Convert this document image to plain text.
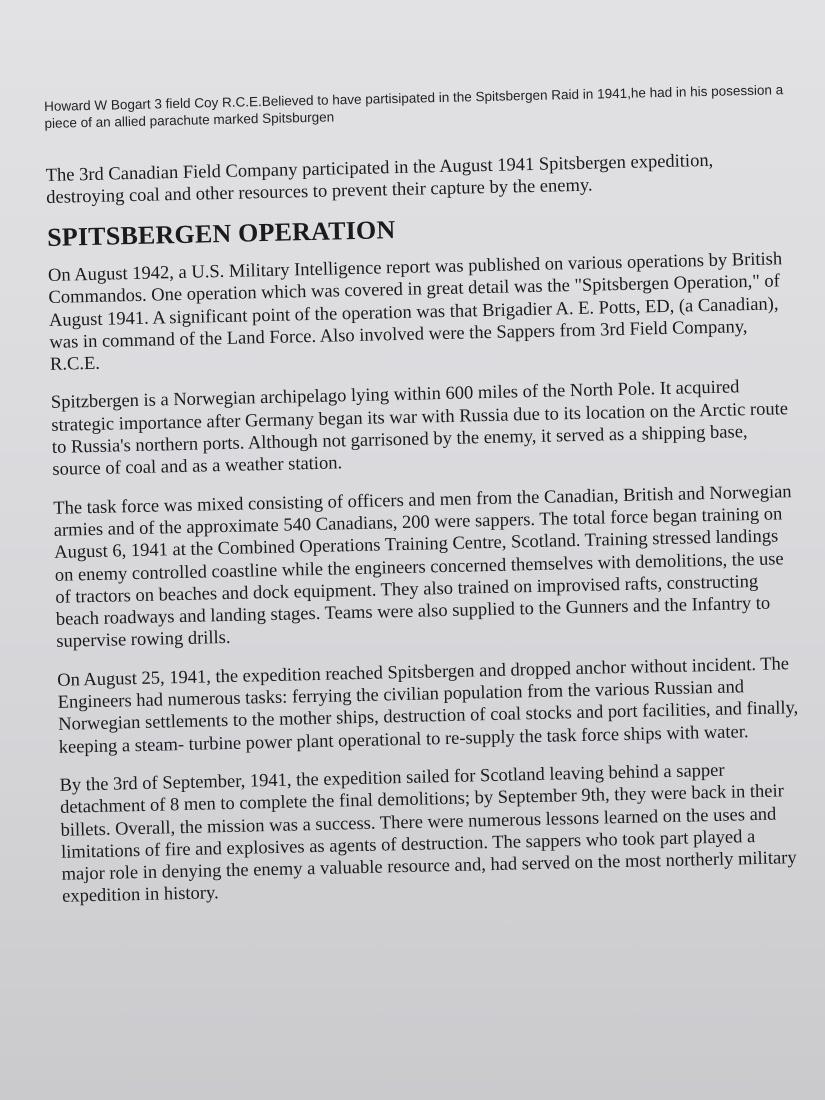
Howard W Bogart 3 field Coy R.C.E.Believed to have partisipated in the Spitsbergen Raid in 1941,he had in his posession a piece of an allied parachute marked Spitsburgen

The 3rd Canadian Field Company participated in the August 1941 Spitsbergen expedition, destroying coal and other resources to prevent their capture by the enemy.

SPITSBERGEN OPERATION

On August 1942, a U.S. Military Intelligence report was published on various operations by British Commandos. One operation which was covered in great detail was the "Spitsbergen Operation," of August 1941. A significant point of the operation was that Brigadier A. E. Potts, ED, (a Canadian), was in command of the Land Force. Also involved were the Sappers from 3rd Field Company, R.C.E.

Spitzbergen is a Norwegian archipelago lying within 600 miles of the North Pole. It acquired strategic importance after Germany began its war with Russia due to its location on the Arctic route to Russia's northern ports. Although not garrisoned by the enemy, it served as a shipping base, source of coal and as a weather station.

The task force was mixed consisting of officers and men from the Canadian, British and Norwegian armies and of the approximate 540 Canadians, 200 were sappers. The total force began training on August 6, 1941 at the Combined Operations Training Centre, Scotland. Training stressed landings on enemy controlled coastline while the engineers concerned themselves with demolitions, the use of tractors on beaches and dock equipment. They also trained on improvised rafts, constructing beach roadways and landing stages. Teams were also supplied to the Gunners and the Infantry to supervise rowing drills.

On August 25, 1941, the expedition reached Spitsbergen and dropped anchor without incident. The Engineers had numerous tasks: ferrying the civilian population from the various Russian and Norwegian settlements to the mother ships, destruction of coal stocks and port facilities, and finally, keeping a steam- turbine power plant operational to re-supply the task force ships with water.

By the 3rd of September, 1941, the expedition sailed for Scotland leaving behind a sapper detachment of 8 men to complete the final demolitions; by September 9th, they were back in their billets. Overall, the mission was a success. There were numerous lessons learned on the uses and limitations of fire and explosives as agents of destruction. The sappers who took part played a major role in denying the enemy a valuable resource and, had served on the most northerly military expedition in history.
